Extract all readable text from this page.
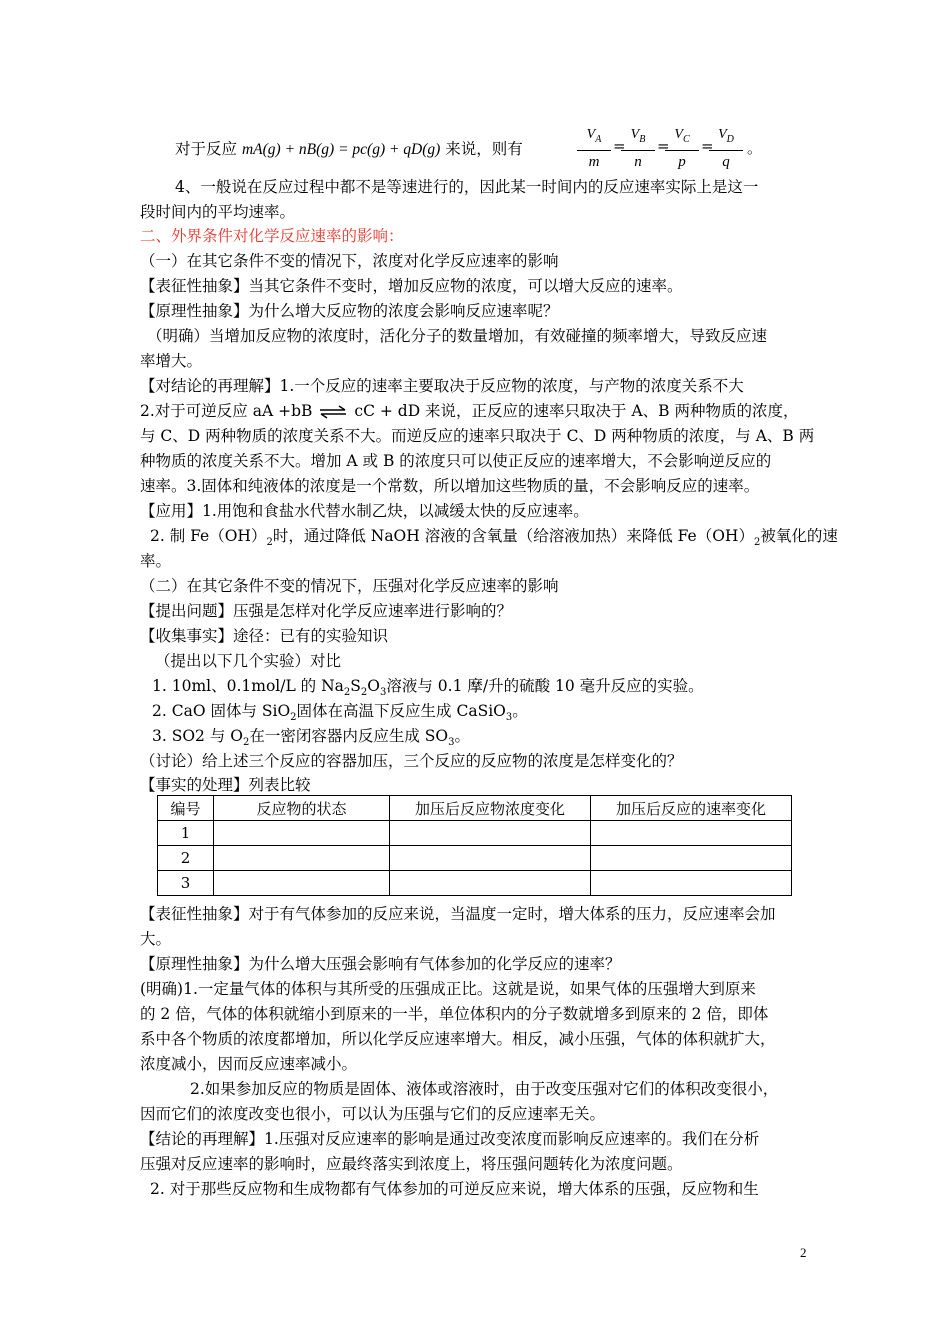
对于反应 mA(g) + nB(g) = pc(g) + qD(g) 来说，则有	$\frac{V_A}{m}$ =
$\frac{V_B}{n}$ =
$\frac{V_C}{p}$ =
$\frac{V_D}{q}$ 。
4、一般说在反应过程中都不是等速进行的，因此某一时间内的反应速率实际上是这一
段时间内的平均速率。
二、外界条件对化学反应速率的影响：
（一）在其它条件不变的情况下，浓度对化学反应速率的影响
【表征性抽象】当其它条件不变时，增加反应物的浓度，可以增大反应的速率。
【原理性抽象】为什么增大反应物的浓度会影响反应速率呢？
（明确）当增加反应物的浓度时，活化分子的数量增加，有效碰撞的频率增大，导致反应速
率增大。
【对结论的再理解】1.一个反应的速率主要取决于反应物的浓度，与产物的浓度关系不大
2.对于可逆反应 aA +bB ⇌ cC + dD 来说，正反应的速率只取决于 A、B 两种物质的浓度，
与 C、D 两种物质的浓度关系不大。而逆反应的速率只取决于 C、D 两种物质的浓度，与 A、B 两
种物质的浓度关系不大。增加 A 或 B 的浓度只可以使正反应的速率增大，不会影响逆反应的
速率。3.固体和纯液体的浓度是一个常数，所以增加这些物质的量，不会影响反应的速率。
【应用】1.用饱和食盐水代替水制乙炔，以减缓太快的反应速率。
2. 制 $Fe(OH)_2$时，通过降低 NaOH 溶液的含氧量（给溶液加热）来降低 $Fe(OH)_2$被氧化的速
率。
（二）在其它条件不变的情况下，压强对化学反应速率的影响
【提出问题】压强是怎样对化学反应速率进行影响的？
【收集事实】途径：已有的实验知识
（提出以下几个实验）对比
1. 10ml、0.1mol/L 的 $Na_2S_2O_3$溶液与 0.1 摩/升的硫酸 10 毫升反应的实验。
2. CaO 固体与 SiO$_2$固体在高温下反应生成 CaSiO$_3$。
3. SO2 与 $O_2$在一密闭容器内反应生成 $SO_3$。
（讨论）给上述三个反应的容器加压，三个反应的反应物的浓度是怎样变化的？
【事实的处理】列表比较
编号	反应物的状态	加压后反应物浓度变化	加压后反应的速率变化
1			
2			
3			
【表征性抽象】对于有气体参加的反应来说，当温度一定时，增大体系的压力，反应速率会加
大。
【原理性抽象】为什么增大压强会影响有气体参加的化学反应的速率？
(明确)1.一定量气体的体积与其所受的压强成正比。这就是说，如果气体的压强增大到原来
的 2 倍，气体的体积就缩小到原来的一半，单位体积内的分子数就增多到原来的 2 倍，即体
系中各个物质的浓度都增加，所以化学反应速率增大。相反，减小压强，气体的体积就扩大，
浓度减小，因而反应速率减小。
2.如果参加反应的物质是固体、液体或溶液时，由于改变压强对它们的体积改变很小，
因而它们的浓度改变也很小，可以认为压强与它们的反应速率无关。
【结论的再理解】1.压强对反应速率的影响是通过改变浓度而影响反应速率的。我们在分析
压强对反应速率的影响时，应最终落实到浓度上，将压强问题转化为浓度问题。
2. 对于那些反应物和生成物都有气体参加的可逆反应来说，增大体系的压强，反应物和生
2
